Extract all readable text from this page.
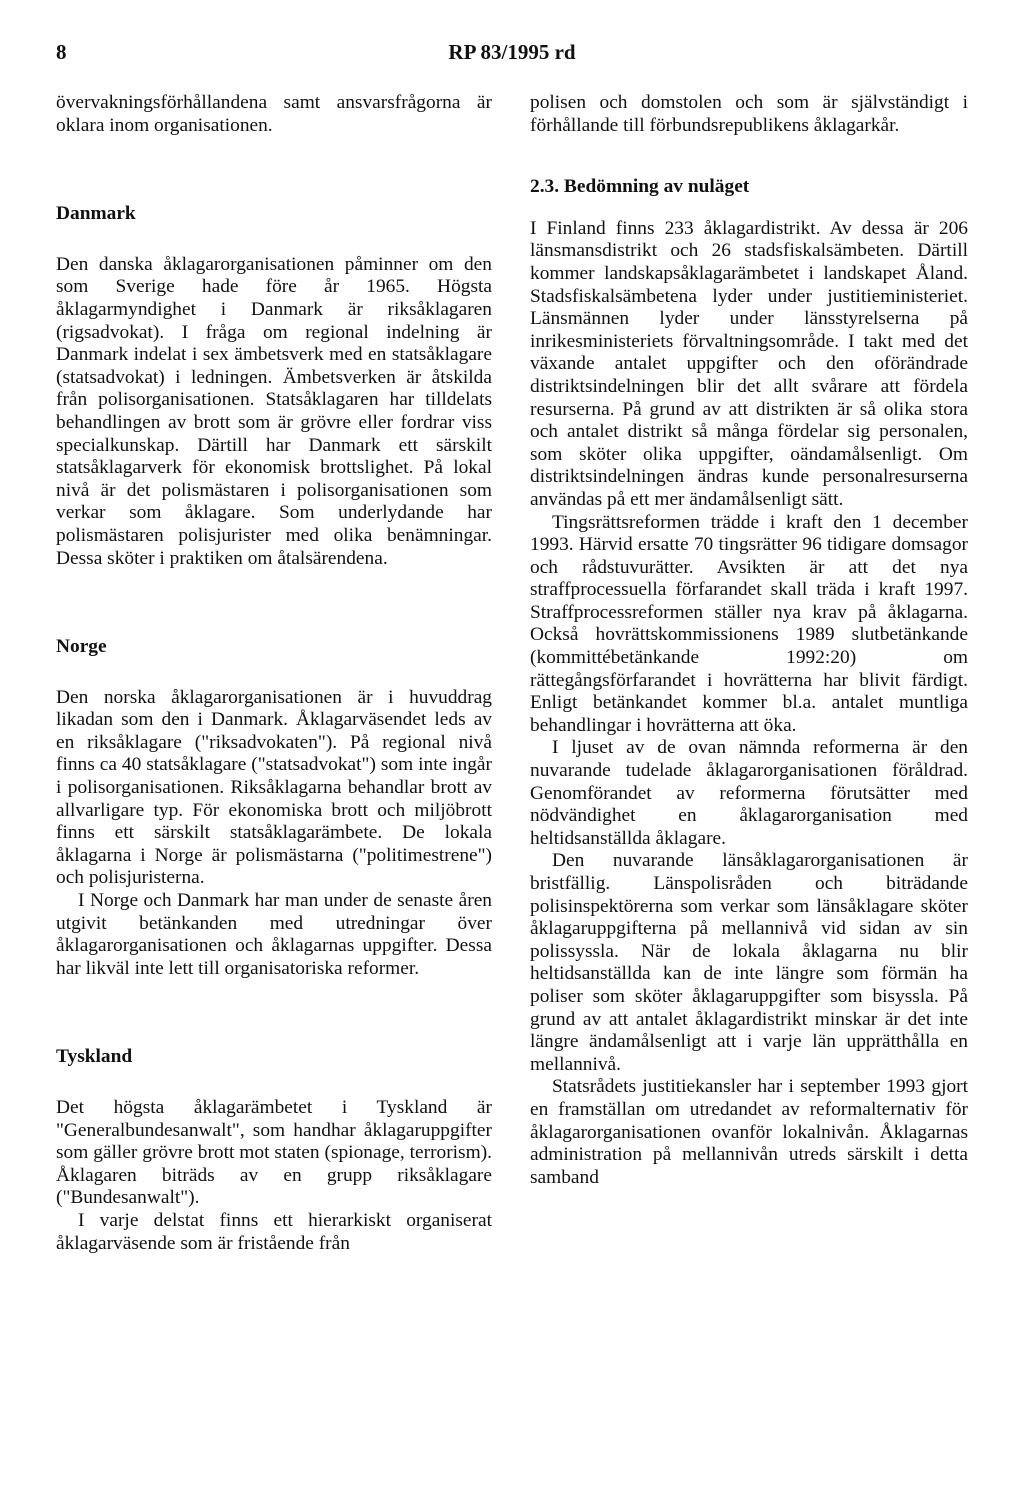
8	RP 83/1995 rd

övervakningsförhållandena samt ansvarsfrågorna är oklara inom organisationen.

Danmark

Den danska åklagarorganisationen påminner om den som Sverige hade före år 1965. Högsta åklagarmyndighet i Danmark är riksåklagaren (rigsadvokat). I fråga om regional indelning är Danmark indelat i sex ämbetsverk med en statsåklagare (statsadvokat) i ledningen. Ämbetsverken är åtskilda från polisorganisationen. Statsåklagaren har tilldelats behandlingen av brott som är grövre eller fordrar viss specialkunskap. Därtill har Danmark ett särskilt statsåklagarverk för ekonomisk brottslighet. På lokal nivå är det polismästaren i polisorganisationen som verkar som åklagare. Som underlydande har polismästaren polisjurister med olika benämningar. Dessa sköter i praktiken om åtalsärendena.

Norge

Den norska åklagarorganisationen är i huvuddrag likadan som den i Danmark. Åklagarväsendet leds av en riksåklagare ("riksadvokaten"). På regional nivå finns ca 40 statsåklagare ("statsadvokat") som inte ingår i polisorganisationen. Riksåklagarna behandlar brott av allvarligare typ. För ekonomiska brott och miljöbrott finns ett särskilt statsåklagarämbete. De lokala åklagarna i Norge är polismästarna ("politimestrene") och polisjuristerna.

I Norge och Danmark har man under de senaste åren utgivit betänkanden med utredningar över åklagarorganisationen och åklagarnas uppgifter. Dessa har likväl inte lett till organisatoriska reformer.

Tyskland

Det högsta åklagarämbetet i Tyskland är "Generalbundesanwalt", som handhar åklagaruppgifter som gäller grövre brott mot staten (spionage, terrorism). Åklagaren biträds av en grupp riksåklagare ("Bundesanwalt").

I varje delstat finns ett hierarkiskt organiserat åklagarväsende som är fristående från

polisen och domstolen och som är självständigt i förhållande till förbundsrepublikens åklagarkår.

2.3. Bedömning av nuläget

I Finland finns 233 åklagardistrikt. Av dessa är 206 länsmansdistrikt och 26 stadsfiskalsämbeten. Därtill kommer landskapsåklagarämbetet i landskapet Åland. Stadsfiskalsämbetena lyder under justitieministeriet. Länsmännen lyder under länsstyrelserna på inrikesministeriets förvaltningsområde. I takt med det växande antalet uppgifter och den oförändrade distriktsindelningen blir det allt svårare att fördela resurserna. På grund av att distrikten är så olika stora och antalet distrikt så många fördelar sig personalen, som sköter olika uppgifter, oändamålsenligt. Om distriktsindelningen ändras kunde personalresurserna användas på ett mer ändamålsenligt sätt.

Tingsrättsreformen trädde i kraft den 1 december 1993. Härvid ersatte 70 tingsrätter 96 tidigare domsagor och rådstuvurätter. Avsikten är att det nya straffprocessuella förfarandet skall träda i kraft 1997. Straffprocessreformen ställer nya krav på åklagarna. Också hovrättskommissionens 1989 slutbetänkande (kommittébetänkande 1992:20) om rättegångsförfarandet i hovrätterna har blivit färdigt. Enligt betänkandet kommer bl.a. antalet muntliga behandlingar i hovrätterna att öka.

I ljuset av de ovan nämnda reformerna är den nuvarande tudelade åklagarorganisationen föråldrad. Genomförandet av reformerna förutsätter med nödvändighet en åklagarorganisation med heltidsanställda åklagare.

Den nuvarande länsåklagarorganisationen är bristfällig. Länspolisråden och biträdande polisinspektörerna som verkar som länsåklagare sköter åklagaruppgifterna på mellannivå vid sidan av sin polissyssla. När de lokala åklagarna nu blir heltidsanställda kan de inte längre som förmän ha poliser som sköter åklagaruppgifter som bisyssla. På grund av att antalet åklagardistrikt minskar är det inte längre ändamålsenligt att i varje län upprätthålla en mellannivå.

Statsrådets justitiekansler har i september 1993 gjort en framställan om utredandet av reformalternativ för åklagarorganisationen ovanför lokalnivån. Åklagarnas administration på mellannivån utreds särskilt i detta samband
